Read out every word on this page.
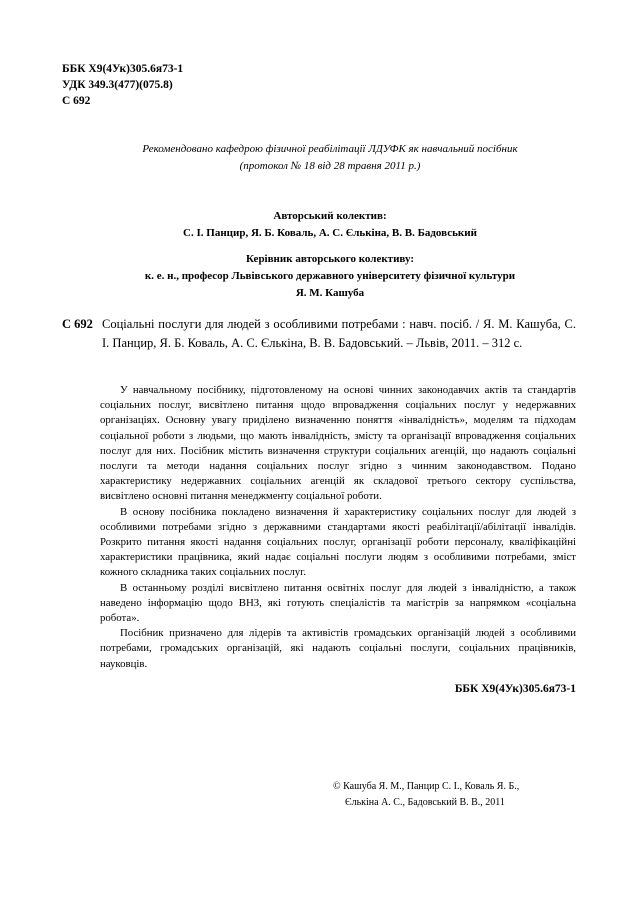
ББК Х9(4Ук)305.6я73-1
УДК 349.3(477)(075.8)
С 692
Рекомендовано кафедрою фізичної реабілітації ЛДУФК як навчальний посібник
(протокол № 18 від 28 травня 2011 р.)
Авторський колектив:
С. І. Панцир, Я. Б. Коваль, А. С. Єлькіна, В. В. Бадовський
Керівник авторського колективу:
к. е. н., професор Львівського державного університету фізичної культури
Я. М. Кашуба
С 692 Соціальні послуги для людей з особливими потребами : навч. посіб. / Я. М. Кашуба, С. І. Панцир, Я. Б. Коваль, А. С. Єлькіна, В. В. Бадовський. – Львів, 2011. – 312 с.

У навчальному посібнику, підготовленому на основі чинних законодавчих актів та стандартів соціальних послуг, висвітлено питання щодо впровадження соціальних послуг у недержавних організаціях. Основну увагу приділено визначенню поняття «інвалідність», моделям та підходам соціальної роботи з людьми, що мають інвалідність, змісту та організації впровадження соціальних послуг для них. Посібник містить визначення структури соціальних агенцій, що надають соціальні послуги та методи надання соціальних послуг згідно з чинним законодавством. Подано характеристику недержавних соціальних агенцій як складової третього сектору суспільства, висвітлено основні питання менеджменту соціальної роботи.

В основу посібника покладено визначення й характеристику соціальних послуг для людей з особливими потребами згідно з державними стандартами якості реабілітації/абілітації інвалідів. Розкрито питання якості надання соціальних послуг, організації роботи персоналу, кваліфікаційні характеристики працівника, який надає соціальні послуги людям з особливими потребами, зміст кожного складника таких соціальних послуг.

В останньому розділі висвітлено питання освітніх послуг для людей з інвалідністю, а також наведено інформацію щодо ВНЗ, які готують спеціалістів та магістрів за напрямком «соціальна робота».

Посібник призначено для лідерів та активістів громадських організацій людей з особливими потребами, громадських організацій, які надають соціальні послуги, соціальних працівників, науковців.

ББК Х9(4Ук)305.6я73-1
© Кашуба Я. М., Панцир С. І., Коваль Я. Б.,
Єлькіна А. С., Бадовський В. В., 2011
